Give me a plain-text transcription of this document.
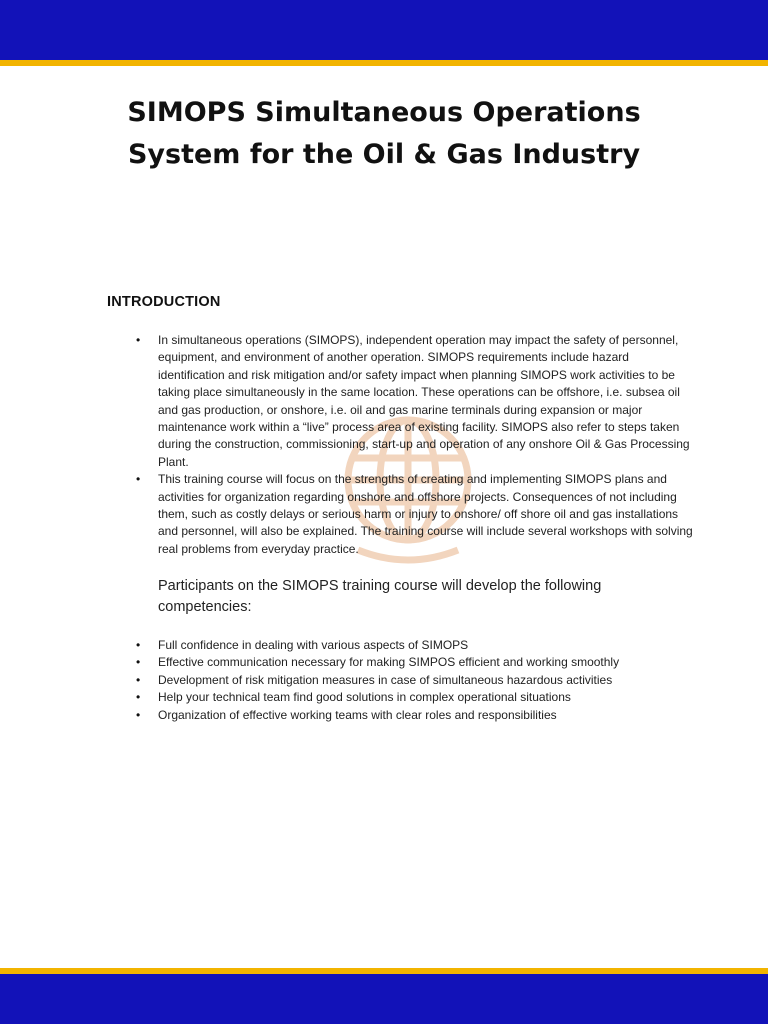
SIMOPS Simultaneous Operations
System for the Oil & Gas Industry
INTRODUCTION
• In simultaneous operations (SIMOPS), independent operation may impact the safety of personnel, equipment, and environment of another operation. SIMOPS requirements include hazard identification and risk mitigation and/or safety impact when planning SIMOPS work activities to be taking place simultaneously in the same location. These operations can be offshore, i.e. subsea oil and gas production, or onshore, i.e. oil and gas marine terminals during expansion or major maintenance work within a “live” process area of existing facility. SIMOPS also refer to steps taken during the construction, commissioning, start-up and operation of any onshore Oil & Gas Processing Plant.
• This training course will focus on the strengths of creating and implementing SIMOPS plans and activities for organization regarding onshore and offshore projects. Consequences of not including them, such as costly delays or serious harm or injury to onshore/ off shore oil and gas installations and personnel, will also be explained. The training course will include several workshops with solving real problems from everyday practice.

Participants on the SIMOPS training course will develop the following competencies:

• Full confidence in dealing with various aspects of SIMOPS
• Effective communication necessary for making SIMPOS efficient and working smoothly
• Development of risk mitigation measures in case of simultaneous hazardous activities
• Help your technical team find good solutions in complex operational situations
• Organization of effective working teams with clear roles and responsibilities
